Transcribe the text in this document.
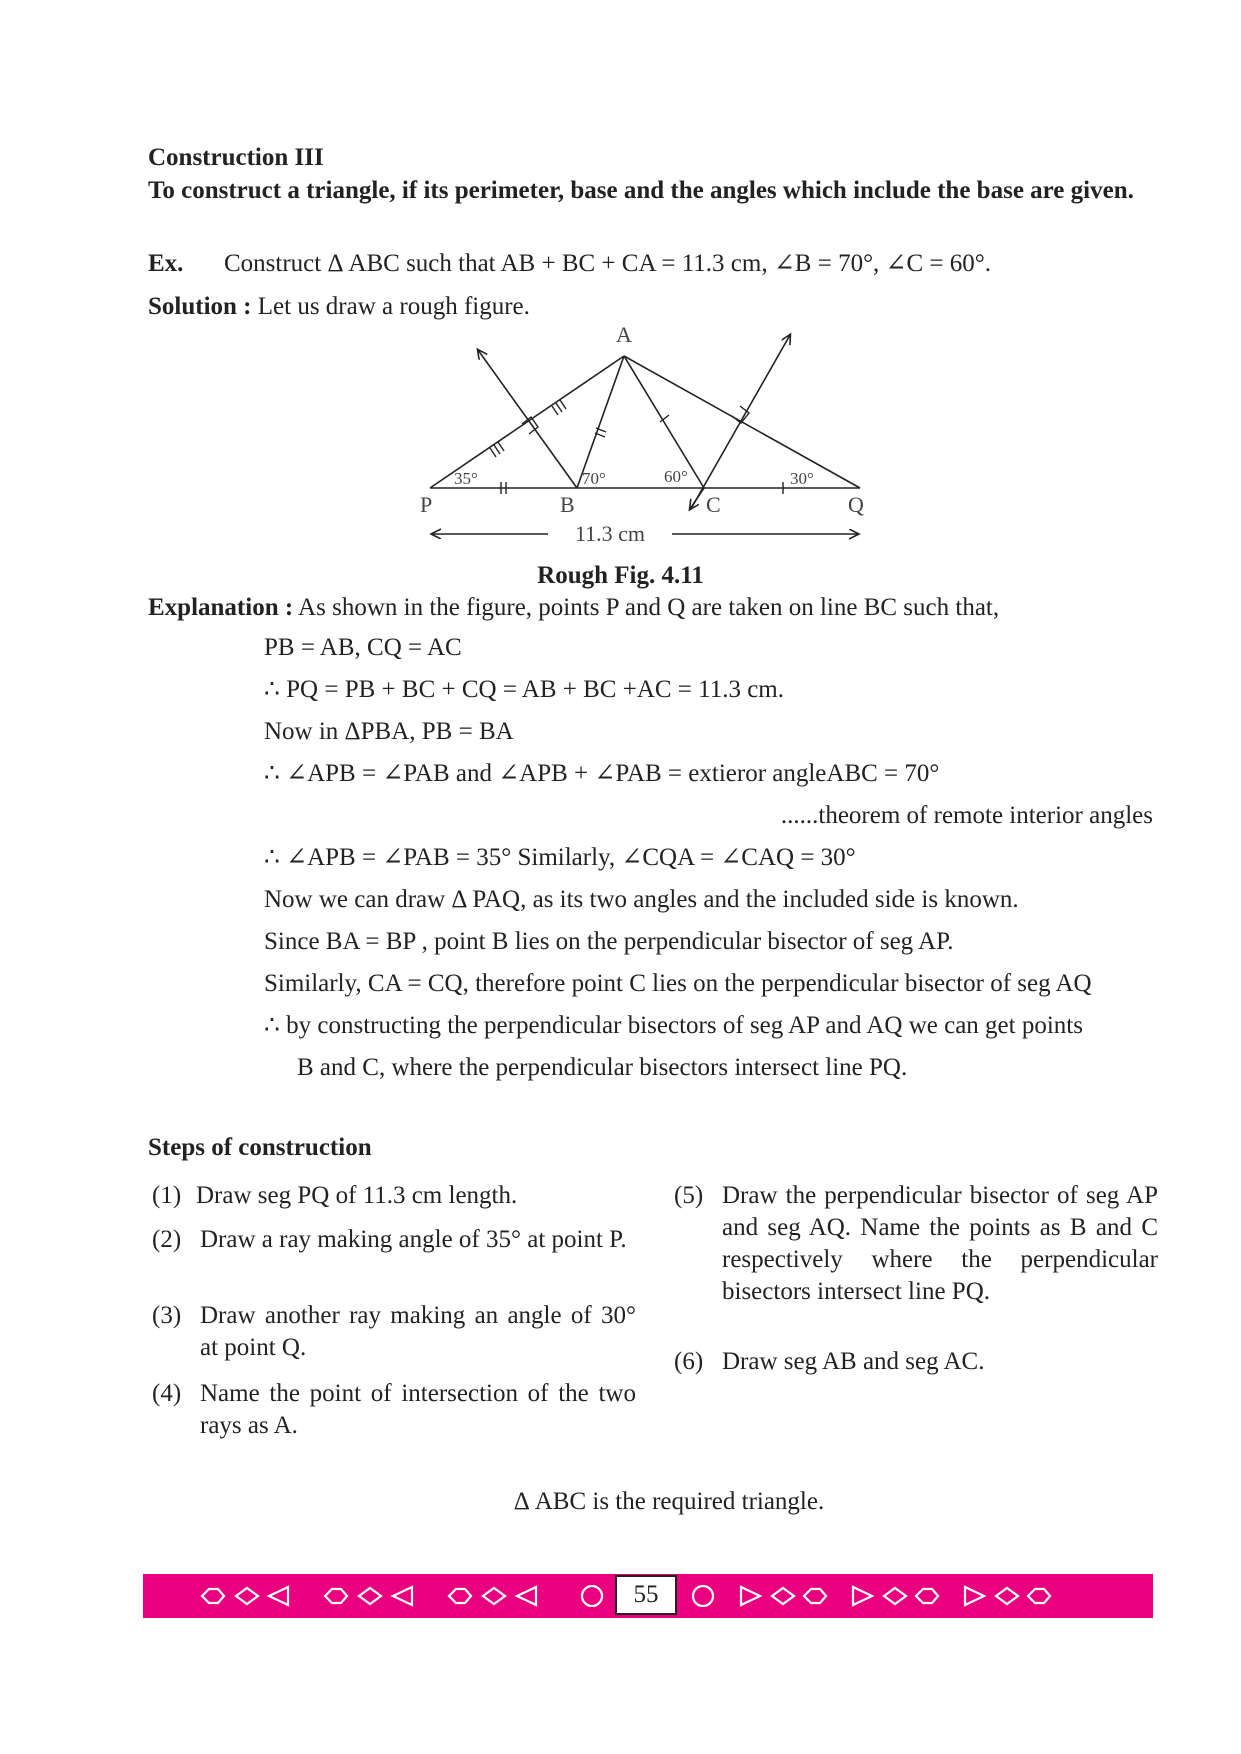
Construction III
To construct a triangle, if its perimeter, base and the angles which include the base are given.
Ex. Construct Δ ABC such that AB + BC + CA = 11.3 cm, ∠B = 70°, ∠C = 60°.
Solution : Let us draw a rough figure.
A
P	B	C	Q
35°	70°	60°	30°
11.3 cm
Rough Fig. 4.11
Explanation : As shown in the figure, points P and Q are taken on line BC such that,
PB = AB, CQ = AC
∴ PQ = PB + BC + CQ = AB + BC +AC = 11.3 cm.
Now in ΔPBA, PB = BA
∴ ∠APB = ∠PAB and ∠APB + ∠PAB = extieror angleABC = 70°
......theorem of remote interior angles
∴ ∠APB = ∠PAB = 35° Similarly, ∠CQA = ∠CAQ = 30°
Now we can draw Δ PAQ, as its two angles and the included side is known.
Since BA = BP , point B lies on the perpendicular bisector of seg AP.
Similarly, CA = CQ, therefore point C lies on the perpendicular bisector of seg AQ
∴ by constructing the perpendicular bisectors of seg AP and AQ we can get points
B and C, where the perpendicular bisectors intersect line PQ.
Steps of construction
(1) Draw seg PQ of 11.3 cm length.
(2) Draw a ray making angle of 35° at point P.
(3) Draw another ray making an angle of 30° at point Q.
(4) Name the point of intersection of the two rays as A.
(5) Draw the perpendicular bisector of seg AP and seg AQ. Name the points as B and C respectively where the perpendicular bisectors intersect line PQ.
(6) Draw seg AB and seg AC.
Δ ABC is the required triangle.
55
